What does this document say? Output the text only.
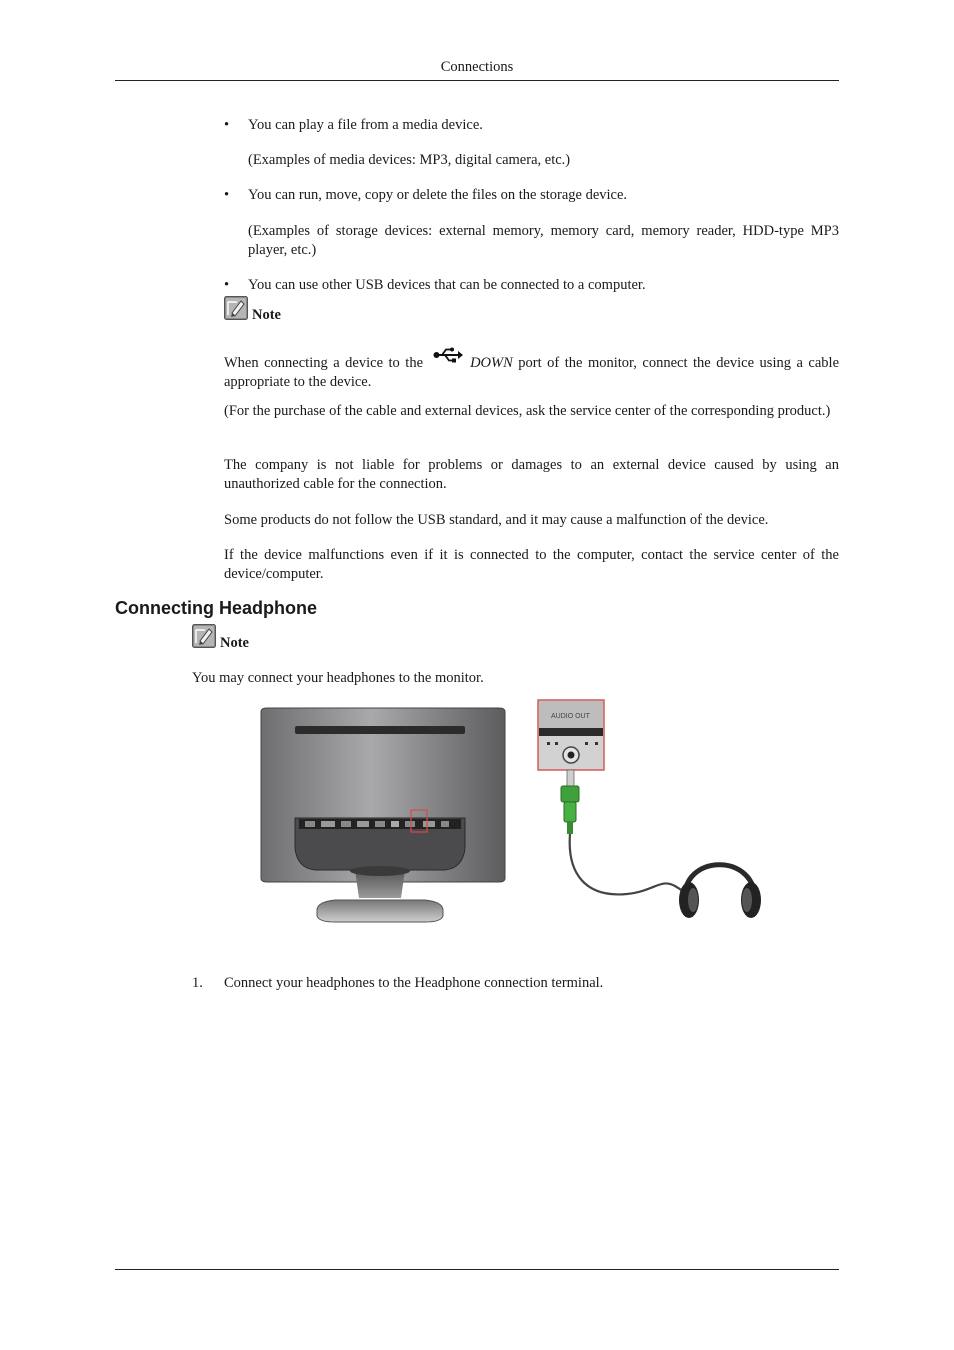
Connections
• You can play a file from a media device.
(Examples of media devices: MP3, digital camera, etc.)
• You can run, move, copy or delete the files on the storage device.
(Examples of storage devices: external memory, memory card, memory reader, HDD-type MP3 player, etc.)
• You can use other USB devices that can be connected to a computer.
Note
When connecting a device to the	DOWN port of the monitor, connect the device using a cable appropriate to the device.
(For the purchase of the cable and external devices, ask the service center of the corresponding product.)
The company is not liable for problems or damages to an external device caused by using an unauthorized cable for the connection.
Some products do not follow the USB standard, and it may cause a malfunction of the device.
If the device malfunctions even if it is connected to the computer, contact the service center of the device/computer.
Connecting Headphone
Note
You may connect your headphones to the monitor.
AUDIO OUT
1. Connect your headphones to the Headphone connection terminal.
